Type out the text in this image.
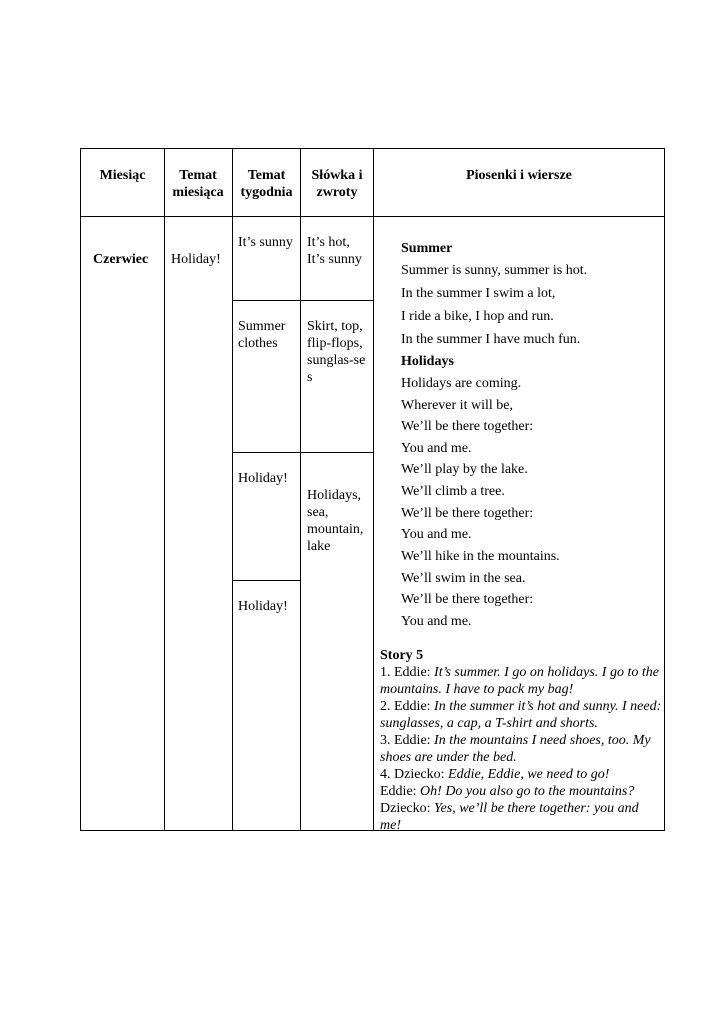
Miesiąc	Temat miesiąca
Temat tygodnia
Słówka i zwroty
Piosenki i wiersze
Czerwiec Holiday!
It’s sunny It’s hot, It’s sunny
Summer clothes
Skirt, top, flip-flops, sunglas-ses
Holiday!
Holidays, sea, mountain, lake
Holiday!
Summer
Summer is sunny, summer is hot.
In the summer I swim a lot,
I ride a bike, I hop and run.
In the summer I have much fun.
Holidays
Holidays are coming.
Wherever it will be,
We’ll be there together:
You and me.
We’ll play by the lake.
We’ll climb a tree.
We’ll be there together:
You and me.
We’ll hike in the mountains.
We’ll swim in the sea.
We’ll be there together:
You and me.

Story 5

1. Eddie: It’s summer. I go on holidays. I go to the mountains. I have to pack my bag!

2. Eddie: In the summer it’s hot and sunny. I need: sunglasses, a cap, a T-shirt and shorts.

3. Eddie: In the mountains I need shoes, too. My shoes are under the bed.

4. Dziecko: Eddie, Eddie, we need to go!

Eddie: Oh! Do you also go to the mountains?

Dziecko: Yes, we’ll be there together: you and me!
